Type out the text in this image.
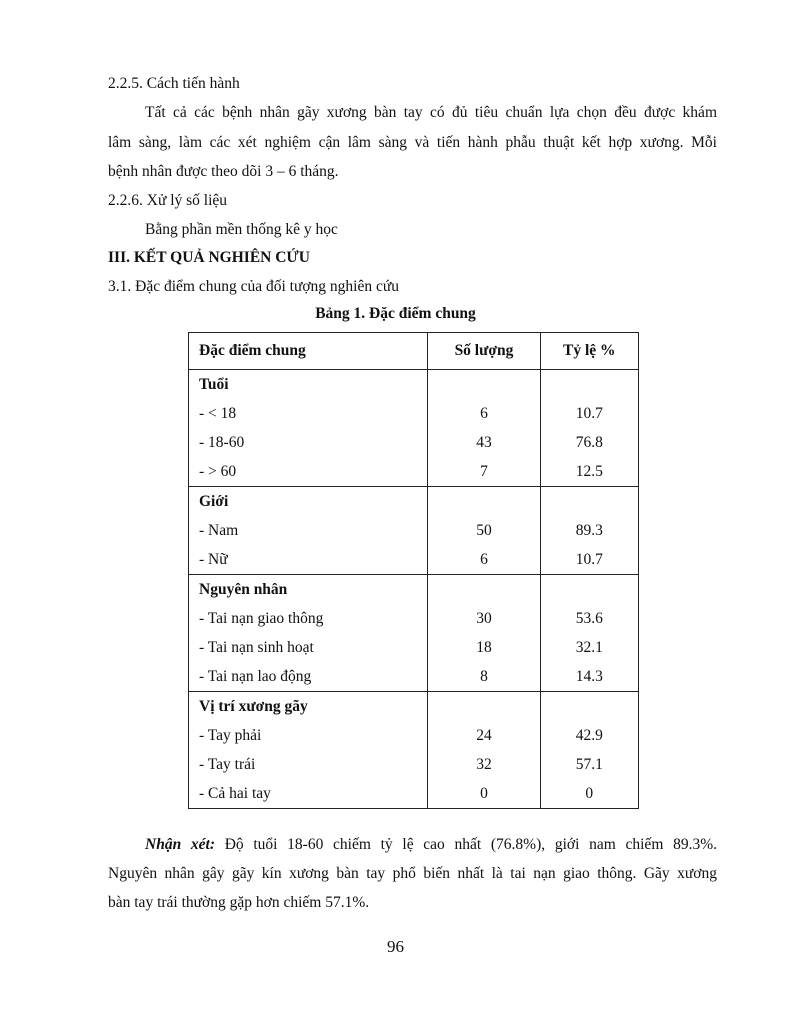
2.2.5. Cách tiến hành
Tất cả các bệnh nhân gãy xương bàn tay có đủ tiêu chuẩn lựa chọn đều được khám
lâm sàng, làm các xét nghiệm cận lâm sàng và tiến hành phẫu thuật kết hợp xương. Mỗi
bệnh nhân được theo dõi 3 – 6 tháng.
2.2.6. Xử lý số liệu
Bằng phần mền thống kê y học
III. KẾT QUẢ NGHIÊN CỨU
3.1. Đặc điểm chung của đối tượng nghiên cứu
Bảng 1. Đặc điểm chung
Đặc điểm chung	Số lượng	Tỷ lệ %
Tuổi		
- < 18	6	10.7
- 18-60	43	76.8
- > 60	7	12.5
Giới		
- Nam	50	89.3
- Nữ	6	10.7
Nguyên nhân		
- Tai nạn giao thông	30	53.6
- Tai nạn sinh hoạt	18	32.1
- Tai nạn lao động	8	14.3
Vị trí xương gãy		
- Tay phải	24	42.9
- Tay trái	32	57.1
- Cả hai tay	0	0
Nhận xét: Độ tuổi 18-60 chiếm tỷ lệ cao nhất (76.8%), giới nam chiếm 89.3%.
Nguyên nhân gây gãy kín xương bàn tay phổ biến nhất là tai nạn giao thông. Gãy xương
bàn tay trái thường gặp hơn chiếm 57.1%.
96
